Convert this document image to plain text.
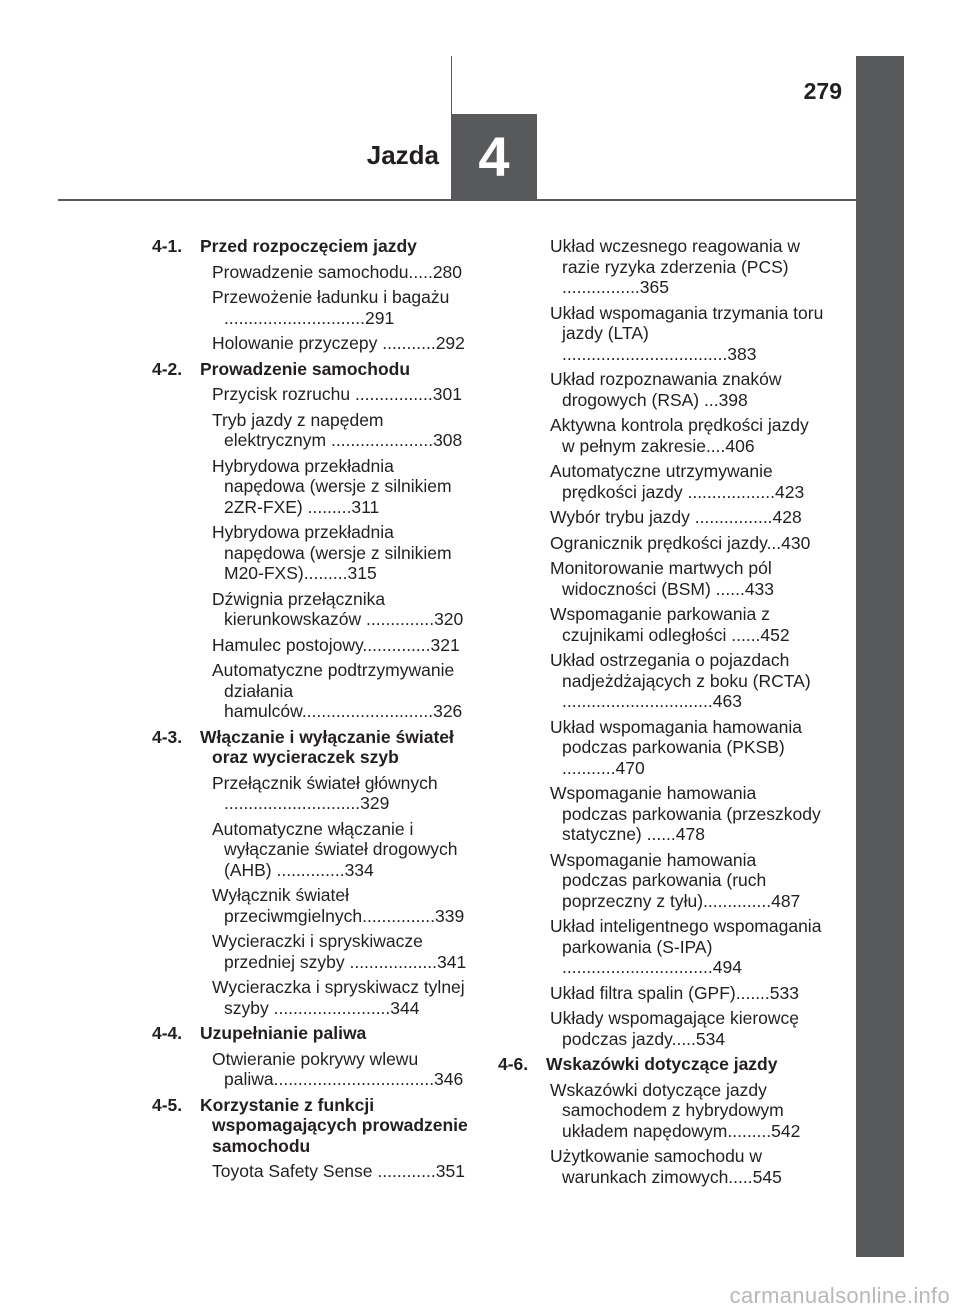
279
Jazda 4
4-1.	Przed rozpoczęciem jazdy
Prowadzenie samochodu.....280
Przewożenie ładunku i bagażu .............................291
Holowanie przyczepy ...........292
4-2.	Prowadzenie samochodu
Przycisk rozruchu ................301
Tryb jazdy z napędem elektrycznym .....................308
Hybrydowa przekładnia napędowa (wersje z silnikiem 2ZR-FXE) .........311
Hybrydowa przekładnia napędowa (wersje z silnikiem M20-FXS).........315
Dźwignia przełącznika kierunkowskazów ..............320
Hamulec postojowy..............321
Automatyczne podtrzymywanie działania hamulców...........................326
4-3.	Włączanie i wyłączanie świateł oraz wycieraczek szyb
Przełącznik świateł głównych ............................329
Automatyczne włączanie i wyłączanie świateł drogowych (AHB) ..............334
Wyłącznik świateł przeciwmgielnych...............339
Wycieraczki i spryskiwacze przedniej szyby ..................341
Wycieraczka i spryskiwacz tylnej szyby ........................344
4-4.	Uzupełnianie paliwa
Otwieranie pokrywy wlewu paliwa.................................346
4-5.	Korzystanie z funkcji wspomagających prowadzenie samochodu
Toyota Safety Sense ............351
Układ wczesnego reagowania w razie ryzyka zderzenia (PCS) ................365
Układ wspomagania trzymania toru jazdy (LTA) ..................................383
Układ rozpoznawania znaków drogowych (RSA) ...398
Aktywna kontrola prędkości jazdy w pełnym zakresie....406
Automatyczne utrzymywanie prędkości jazdy ..................423
Wybór trybu jazdy ................428
Ogranicznik prędkości jazdy...430
Monitorowanie martwych pól widoczności (BSM) ......433
Wspomaganie parkowania z czujnikami odległości ......452
Układ ostrzegania o pojazdach nadjeżdżających z boku (RCTA) ...............................463
Układ wspomagania hamowania podczas parkowania (PKSB) ...........470
Wspomaganie hamowania podczas parkowania (przeszkody statyczne) ......478
Wspomaganie hamowania podczas parkowania (ruch poprzeczny z tyłu)..............487
Układ inteligentnego wspomagania parkowania (S-IPA) ...............................494
Układ filtra spalin (GPF).......533
Układy wspomagające kierowcę podczas jazdy.....534
4-6.	Wskazówki dotyczące jazdy
Wskazówki dotyczące jazdy samochodem z hybrydowym układem napędowym.........542
Użytkowanie samochodu w warunkach zimowych.....545
carmanualsonline.info
